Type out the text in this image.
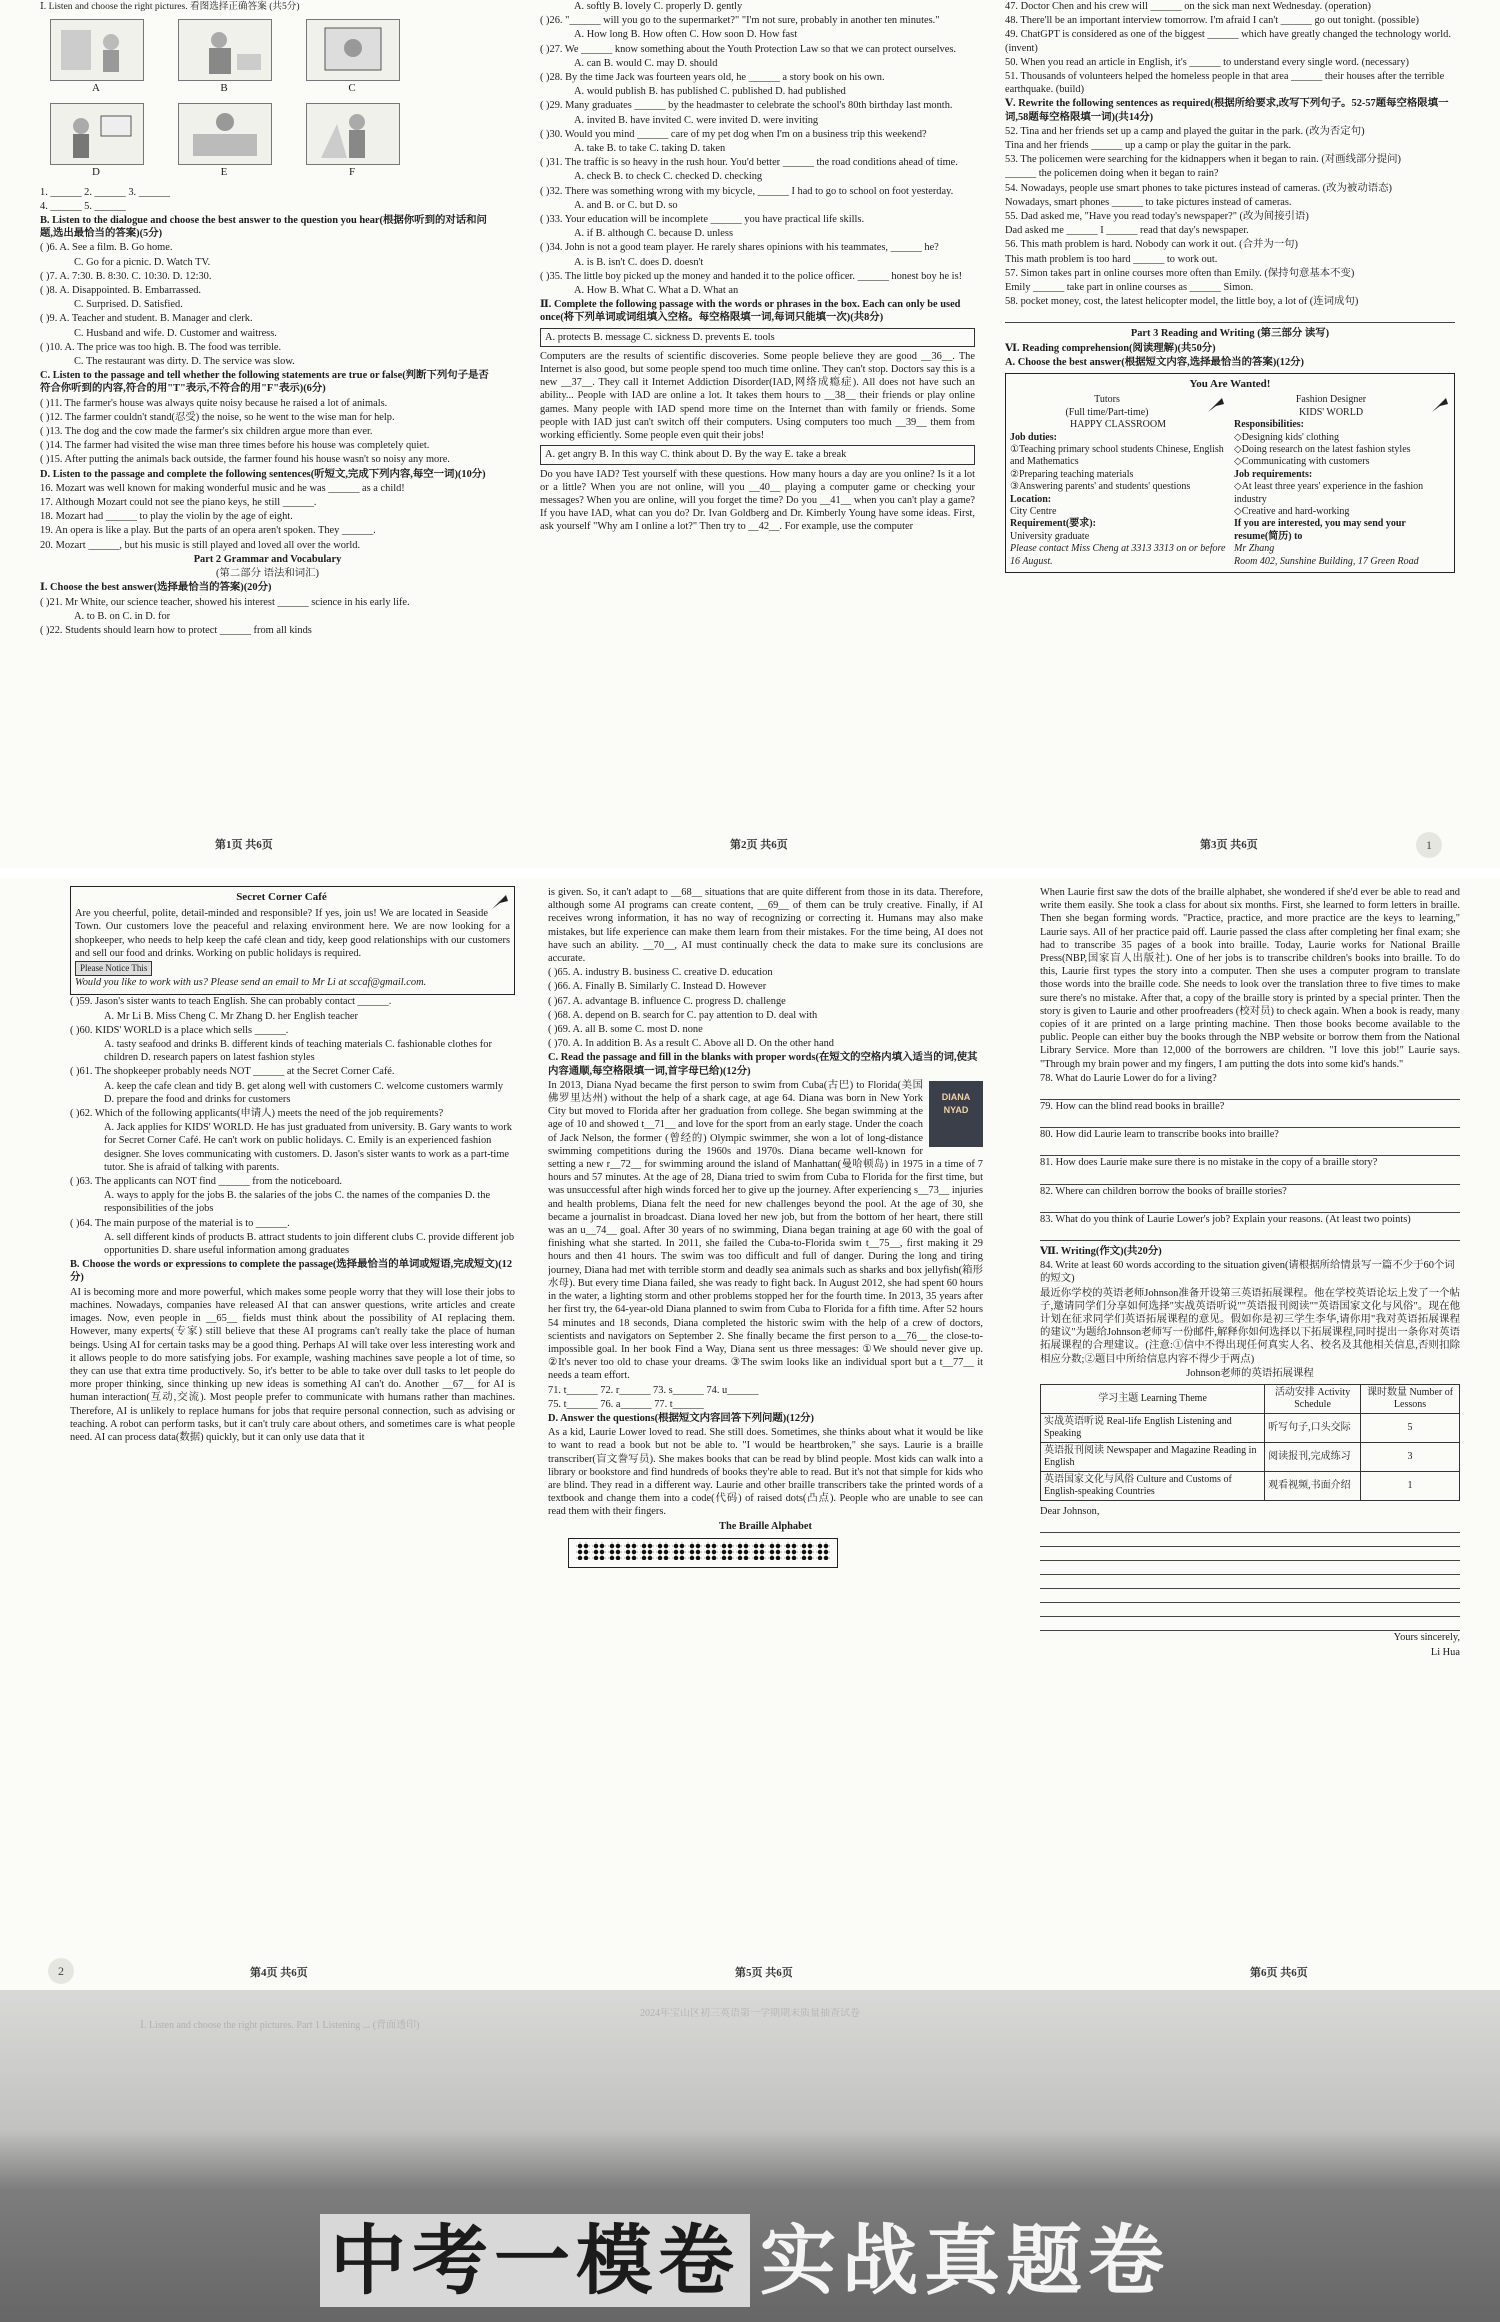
Ⅰ. Listen and choose the right pictures. 看图选择正确答案 (共5分)

A	B	C
D	E	F

1. ______ 2. ______ 3. ______

4. ______ 5. ______

B. Listen to the dialogue and choose the best answer to the question you hear(根据你听到的对话和问题,选出最恰当的答案)(5分)

( )6. A. See a film. B. Go home.

C. Go for a picnic. D. Watch TV.

( )7. A. 7:30. B. 8:30. C. 10:30. D. 12:30.

( )8. A. Disappointed. B. Embarrassed.

C. Surprised. D. Satisfied.

( )9. A. Teacher and student. B. Manager and clerk.

C. Husband and wife. D. Customer and waitress.

( )10. A. The price was too high. B. The food was terrible.

C. The restaurant was dirty. D. The service was slow.

C. Listen to the passage and tell whether the following statements are true or false(判断下列句子是否符合你听到的内容,符合的用"T"表示,不符合的用"F"表示)(6分)

( )11. The farmer's house was always quite noisy because he raised a lot of animals.

( )12. The farmer couldn't stand(忍受) the noise, so he went to the wise man for help.

( )13. The dog and the cow made the farmer's six children argue more than ever.

( )14. The farmer had visited the wise man three times before his house was completely quiet.

( )15. After putting the animals back outside, the farmer found his house wasn't so noisy any more.

D. Listen to the passage and complete the following sentences(听短文,完成下列内容,每空一词)(10分)

16. Mozart was well known for making wonderful music and he was ______ as a child!

17. Although Mozart could not see the piano keys, he still ______.

18. Mozart had ______ to play the violin by the age of eight.

19. An opera is like a play. But the parts of an opera aren't spoken. They ______.

20. Mozart ______, but his music is still played and loved all over the world.

Part 2 Grammar and Vocabulary

(第二部分 语法和词汇)

Ⅰ. Choose the best answer(选择最恰当的答案)(20分)

( )21. Mr White, our science teacher, showed his interest ______ science in his early life.

A. to B. on C. in D. for

( )22. Students should learn how to protect ______ from all kinds

第1页 共6页

A. softly B. lovely C. properly D. gently

( )26. "______ will you go to the supermarket?" "I'm not sure, probably in another ten minutes."

A. How long B. How often C. How soon D. How fast

( )27. We ______ know something about the Youth Protection Law so that we can protect ourselves.

A. can B. would C. may D. should

( )28. By the time Jack was fourteen years old, he ______ a story book on his own.

A. would publish B. has published C. published D. had published

( )29. Many graduates ______ by the headmaster to celebrate the school's 80th birthday last month.

A. invited B. have invited C. were invited D. were inviting

( )30. Would you mind ______ care of my pet dog when I'm on a business trip this weekend?

A. take B. to take C. taking D. taken

( )31. The traffic is so heavy in the rush hour. You'd better ______ the road conditions ahead of time.

A. check B. to check C. checked D. checking

( )32. There was something wrong with my bicycle, ______ I had to go to school on foot yesterday.

A. and B. or C. but D. so

( )33. Your education will be incomplete ______ you have practical life skills.

A. if B. although C. because D. unless

( )34. John is not a good team player. He rarely shares opinions with his teammates, ______ he?

A. is B. isn't C. does D. doesn't

( )35. The little boy picked up the money and handed it to the police officer. ______ honest boy he is!

A. How B. What C. What a D. What an

Ⅱ. Complete the following passage with the words or phrases in the box. Each can only be used once(将下列单词或词组填入空格。每空格限填一词,每词只能填一次)(共8分)

A. protects B. message C. sickness D. prevents E. tools

Computers are the results of scientific discoveries. Some people believe they are good __36__. The Internet is also good, but some people spend too much time online. They can't stop. Doctors say this is a new __37__. They call it Internet Addiction Disorder(IAD,网络成瘾症). All does not have such an ability... People with IAD are online a lot. It takes them hours to __38__ their friends or play online games. Many people with IAD spend more time on the Internet than with family or friends. Some people with IAD just can't switch off their computers. Using computers too much __39__ them from working efficiently. Some people even quit their jobs!

A. get angry B. In this way C. think about D. By the way E. take a break

Do you have IAD? Test yourself with these questions. How many hours a day are you online? Is it a lot or a little? When you are not online, will you __40__ playing a computer game or checking your messages? When you are online, will you forget the time? Do you __41__ when you can't play a game? If you have IAD, what can you do? Dr. Ivan Goldberg and Dr. Kimberly Young have some ideas. First, ask yourself "Why am I online a lot?" Then try to __42__. For example, use the computer

第2页 共6页

47. Doctor Chen and his crew will ______ on the sick man next Wednesday. (operation)

48. There'll be an important interview tomorrow. I'm afraid I can't ______ go out tonight. (possible)

49. ChatGPT is considered as one of the biggest ______ which have greatly changed the technology world. (invent)

50. When you read an article in English, it's ______ to understand every single word. (necessary)

51. Thousands of volunteers helped the homeless people in that area ______ their houses after the terrible earthquake. (build)

Ⅴ. Rewrite the following sentences as required(根据所给要求,改写下列句子。52-57题每空格限填一词,58题每空格限填一词)(共14分)

52. Tina and her friends set up a camp and played the guitar in the park. (改为否定句)

Tina and her friends ______ up a camp or play the guitar in the park.

53. The policemen were searching for the kidnappers when it began to rain. (对画线部分提问)

______ the policemen doing when it began to rain?

54. Nowadays, people use smart phones to take pictures instead of cameras. (改为被动语态)

Nowadays, smart phones ______ to take pictures instead of cameras.

55. Dad asked me, "Have you read today's newspaper?" (改为间接引语)

Dad asked me ______ I ______ read that day's newspaper.

56. This math problem is hard. Nobody can work it out. (合并为一句)

This math problem is too hard ______ to work out.

57. Simon takes part in online courses more often than Emily. (保持句意基本不变)

Emily ______ take part in online courses as ______ Simon.

58. pocket money, cost, the latest helicopter model, the little boy, a lot of (连词成句)

Part 3 Reading and Writing (第三部分 读写)

Ⅵ. Reading comprehension(阅读理解)(共50分)

A. Choose the best answer(根据短文内容,选择最恰当的答案)(12分)

You Are Wanted!
Tutors
(Full time/Part-time)
HAPPY CLASSROOM
Job duties:
①Teaching primary school students Chinese, English and Mathematics
②Preparing teaching materials
③Answering parents' and students' questions
Location:
City Centre
Requirement(要求):
University graduate
Please contact Miss Cheng at 3313 3313 on or before 16 August.
Fashion Designer
KIDS' WORLD
Responsibilities:
◇Designing kids' clothing
◇Doing research on the latest fashion styles
◇Communicating with customers
Job requirements:
◇At least three years' experience in the fashion industry
◇Creative and hard-working
If you are interested, you may send your resume(简历) to
Mr Zhang
Room 402, Sunshine Building, 17 Green Road
第3页 共6页	1
Secret Corner Café

Are you cheerful, polite, detail-minded and responsible? If yes, join us! We are located in Seaside Town. Our customers love the peaceful and relaxing environment here. We are now looking for a shopkeeper, who needs to help keep the café clean and tidy, keep good relationships with our customers and sell our food and drinks. Working on public holidays is required.

Please Notice This

Would you like to work with us? Please send an email to Mr Li at sccaf@gmail.com.

( )59. Jason's sister wants to teach English. She can probably contact ______.

A. Mr Li B. Miss Cheng C. Mr Zhang D. her English teacher

( )60. KIDS' WORLD is a place which sells ______.

A. tasty seafood and drinks B. different kinds of teaching materials C. fashionable clothes for children D. research papers on latest fashion styles

( )61. The shopkeeper probably needs NOT ______ at the Secret Corner Café.

A. keep the cafe clean and tidy B. get along well with customers C. welcome customers warmly D. prepare the food and drinks for customers

( )62. Which of the following applicants(申请人) meets the need of the job requirements?

A. Jack applies for KIDS' WORLD. He has just graduated from university. B. Gary wants to work for Secret Corner Café. He can't work on public holidays. C. Emily is an experienced fashion designer. She loves communicating with customers. D. Jason's sister wants to work as a part-time tutor. She is afraid of talking with parents.

( )63. The applicants can NOT find ______ from the noticeboard.

A. ways to apply for the jobs B. the salaries of the jobs C. the names of the companies D. the responsibilities of the jobs

( )64. The main purpose of the material is to ______.

A. sell different kinds of products B. attract students to join different clubs C. provide different job opportunities D. share useful information among graduates

B. Choose the words or expressions to complete the passage(选择最恰当的单词或短语,完成短文)(12分)

AI is becoming more and more powerful, which makes some people worry that they will lose their jobs to machines. Nowadays, companies have released AI that can answer questions, write articles and create images. Now, even people in __65__ fields must think about the possibility of AI replacing them. However, many experts(专家) still believe that these AI programs can't really take the place of human beings. Using AI for certain tasks may be a good thing. Perhaps AI will take over less interesting work and it allows people to do more satisfying jobs. For example, washing machines save people a lot of time, so they can use that extra time productively. So, it's better to be able to take over dull tasks to let people do more proper thinking, since thinking up new ideas is something AI can't do. Another __67__ for AI is human interaction(互动,交流). Most people prefer to communicate with humans rather than machines. Therefore, AI is unlikely to replace humans for jobs that require personal connection, such as advising or teaching. A robot can perform tasks, but it can't truly care about others, and sometimes care is what people need. AI can process data(数据) quickly, but it can only use data that it

第4页 共6页
2

is given. So, it can't adapt to __68__ situations that are quite different from those in its data. Therefore, although some AI programs can create content, __69__ of them can be truly creative. Finally, if AI receives wrong information, it has no way of recognizing or correcting it. Humans may also make mistakes, but life experience can make them learn from their mistakes. For the time being, AI does not have such an ability. __70__, AI must continually check the data to make sure its conclusions are accurate.

( )65. A. industry B. business C. creative D. education

( )66. A. Finally B. Similarly C. Instead D. However

( )67. A. advantage B. influence C. progress D. challenge

( )68. A. depend on B. search for C. pay attention to D. deal with

( )69. A. all B. some C. most D. none

( )70. A. In addition B. As a result C. Above all D. On the other hand

C. Read the passage and fill in the blanks with proper words(在短文的空格内填入适当的词,使其内容通顺,每空格限填一词,首字母已给)(12分)

DIANA NYAD

In 2013, Diana Nyad became the first person to swim from Cuba(古巴) to Florida(美国佛罗里达州) without the help of a shark cage, at age 64. Diana was born in New York City but moved to Florida after her graduation from college. She began swimming at the age of 10 and showed t__71__ and love for the sport from an early stage. Under the coach of Jack Nelson, the former (曾经的) Olympic swimmer, she won a lot of long-distance swimming competitions during the 1960s and 1970s. Diana became well-known for setting a new r__72__ for swimming around the island of Manhattan(曼哈顿岛) in 1975 in a time of 7 hours and 57 minutes. At the age of 28, Diana tried to swim from Cuba to Florida for the first time, but was unsuccessful after high winds forced her to give up the journey. After experiencing s__73__ injuries and health problems, Diana felt the need for new challenges beyond the pool. At the age of 30, she became a journalist in broadcast. Diana loved her new job, but from the bottom of her heart, there still was an u__74__ goal. After 30 years of no swimming, Diana began training at age 60 with the goal of finishing what she started. In 2011, she failed the Cuba-to-Florida swim t__75__, first making it 29 hours and then 41 hours. The swim was too difficult and full of danger. During the long and tiring journey, Diana had met with terrible storm and deadly sea animals such as sharks and box jellyfish(箱形水母). But every time Diana failed, she was ready to fight back. In August 2012, she had spent 60 hours in the water, a lighting storm and other problems stopped her for the fourth time. In 2013, 35 years after her first try, the 64-year-old Diana planned to swim from Cuba to Florida for a fifth time. After 52 hours 54 minutes and 18 seconds, Diana completed the historic swim with the help of a crew of doctors, scientists and navigators on September 2. She finally became the first person to a__76__ the close-to-impossible goal. In her book Find a Way, Diana sent us three messages: ①We should never give up. ②It's never too old to chase your dreams. ③The swim looks like an individual sport but a t__77__ it needs a team effort.

71. t______ 72. r______ 73. s______ 74. u______

75. t______ 76. a______ 77. t______

D. Answer the questions(根据短文内容回答下列问题)(12分)

As a kid, Laurie Lower loved to read. She still does. Sometimes, she thinks about what it would be like to want to read a book but not be able to. "I would be heartbroken," she says. Laurie is a braille transcriber(盲文誊写员). She makes books that can be read by blind people. Most kids can walk into a library or bookstore and find hundreds of books they're able to read. But it's not that simple for kids who are blind. They read in a different way. Laurie and other braille transcribers take the printed words of a textbook and change them into a code(代码) of raised dots(凸点). People who are unable to see can read them with their fingers.

The Braille Alphabet

第5页 共6页

When Laurie first saw the dots of the braille alphabet, she wondered if she'd ever be able to read and write them easily. She took a class for about six months. First, she learned to form letters in braille. Then she began forming words. "Practice, practice, and more practice are the keys to learning," Laurie says. All of her practice paid off. Laurie passed the class after completing her final exam; she had to transcribe 35 pages of a book into braille. Today, Laurie works for National Braille Press(NBP,国家盲人出版社). One of her jobs is to transcribe children's books into braille. To do this, Laurie first types the story into a computer. Then she uses a computer program to translate those words into the braille code. She needs to look over the translation three to five times to make sure there's no mistake. After that, a copy of the braille story is printed by a special printer. Then the story is given to Laurie and other proofreaders (校对员) to check again. When a book is ready, many copies of it are printed on a large printing machine. Then those books become available to the public. People can either buy the books through the NBP website or borrow them from the National Library Service. More than 12,000 of the borrowers are children. "I love this job!" Laurie says. "Through my brain power and my fingers, I am putting the dots into some kid's hands."

78. What do Laurie Lower do for a living?

79. How can the blind read books in braille?

80. How did Laurie learn to transcribe books into braille?

81. How does Laurie make sure there is no mistake in the copy of a braille story?

82. Where can children borrow the books of braille stories?

83. What do you think of Laurie Lower's job? Explain your reasons. (At least two points)

Ⅶ. Writing(作文)(共20分)

84. Write at least 60 words according to the situation given(请根据所给情景写一篇不少于60个词的短文)

最近你学校的英语老师Johnson准备开设第三英语拓展课程。他在学校英语论坛上发了一个帖子,邀请同学们分享如何选择"实战英语听说""英语报刊阅读""英语国家文化与风俗"。现在他计划在征求同学们英语拓展课程的意见。假如你是初三学生李华,请你用"我对英语拓展课程的建议"为题给Johnson老师写一份邮件,解释你如何选择以下拓展课程,同时提出一条你对英语拓展课程的合理建议。(注意:①信中不得出现任何真实人名、校名及其他相关信息,否则扣除相应分数;②题目中所给信息内容不得少于两点)

Johnson老师的英语拓展课程

学习主题 Learning Theme	活动安排 Activity Schedule	课时数量 Number of Lessons
实战英语听说 Real-life English Listening and Speaking	听写句子,口头交际	5
英语报刊阅读 Newspaper and Magazine Reading in English	阅读报刊,完成练习	3
英语国家文化与风俗 Culture and Customs of English-speaking Countries	观看视频,书面介绍	1

Dear Johnson,

Yours sincerely,

Li Hua

第6页 共6页
2024年宝山区初三英语第一学期期末质量抽查试卷
Ⅰ. Listen and choose the right pictures. Part 1 Listening ... (背面透印)
中考一模卷 实战真题卷
